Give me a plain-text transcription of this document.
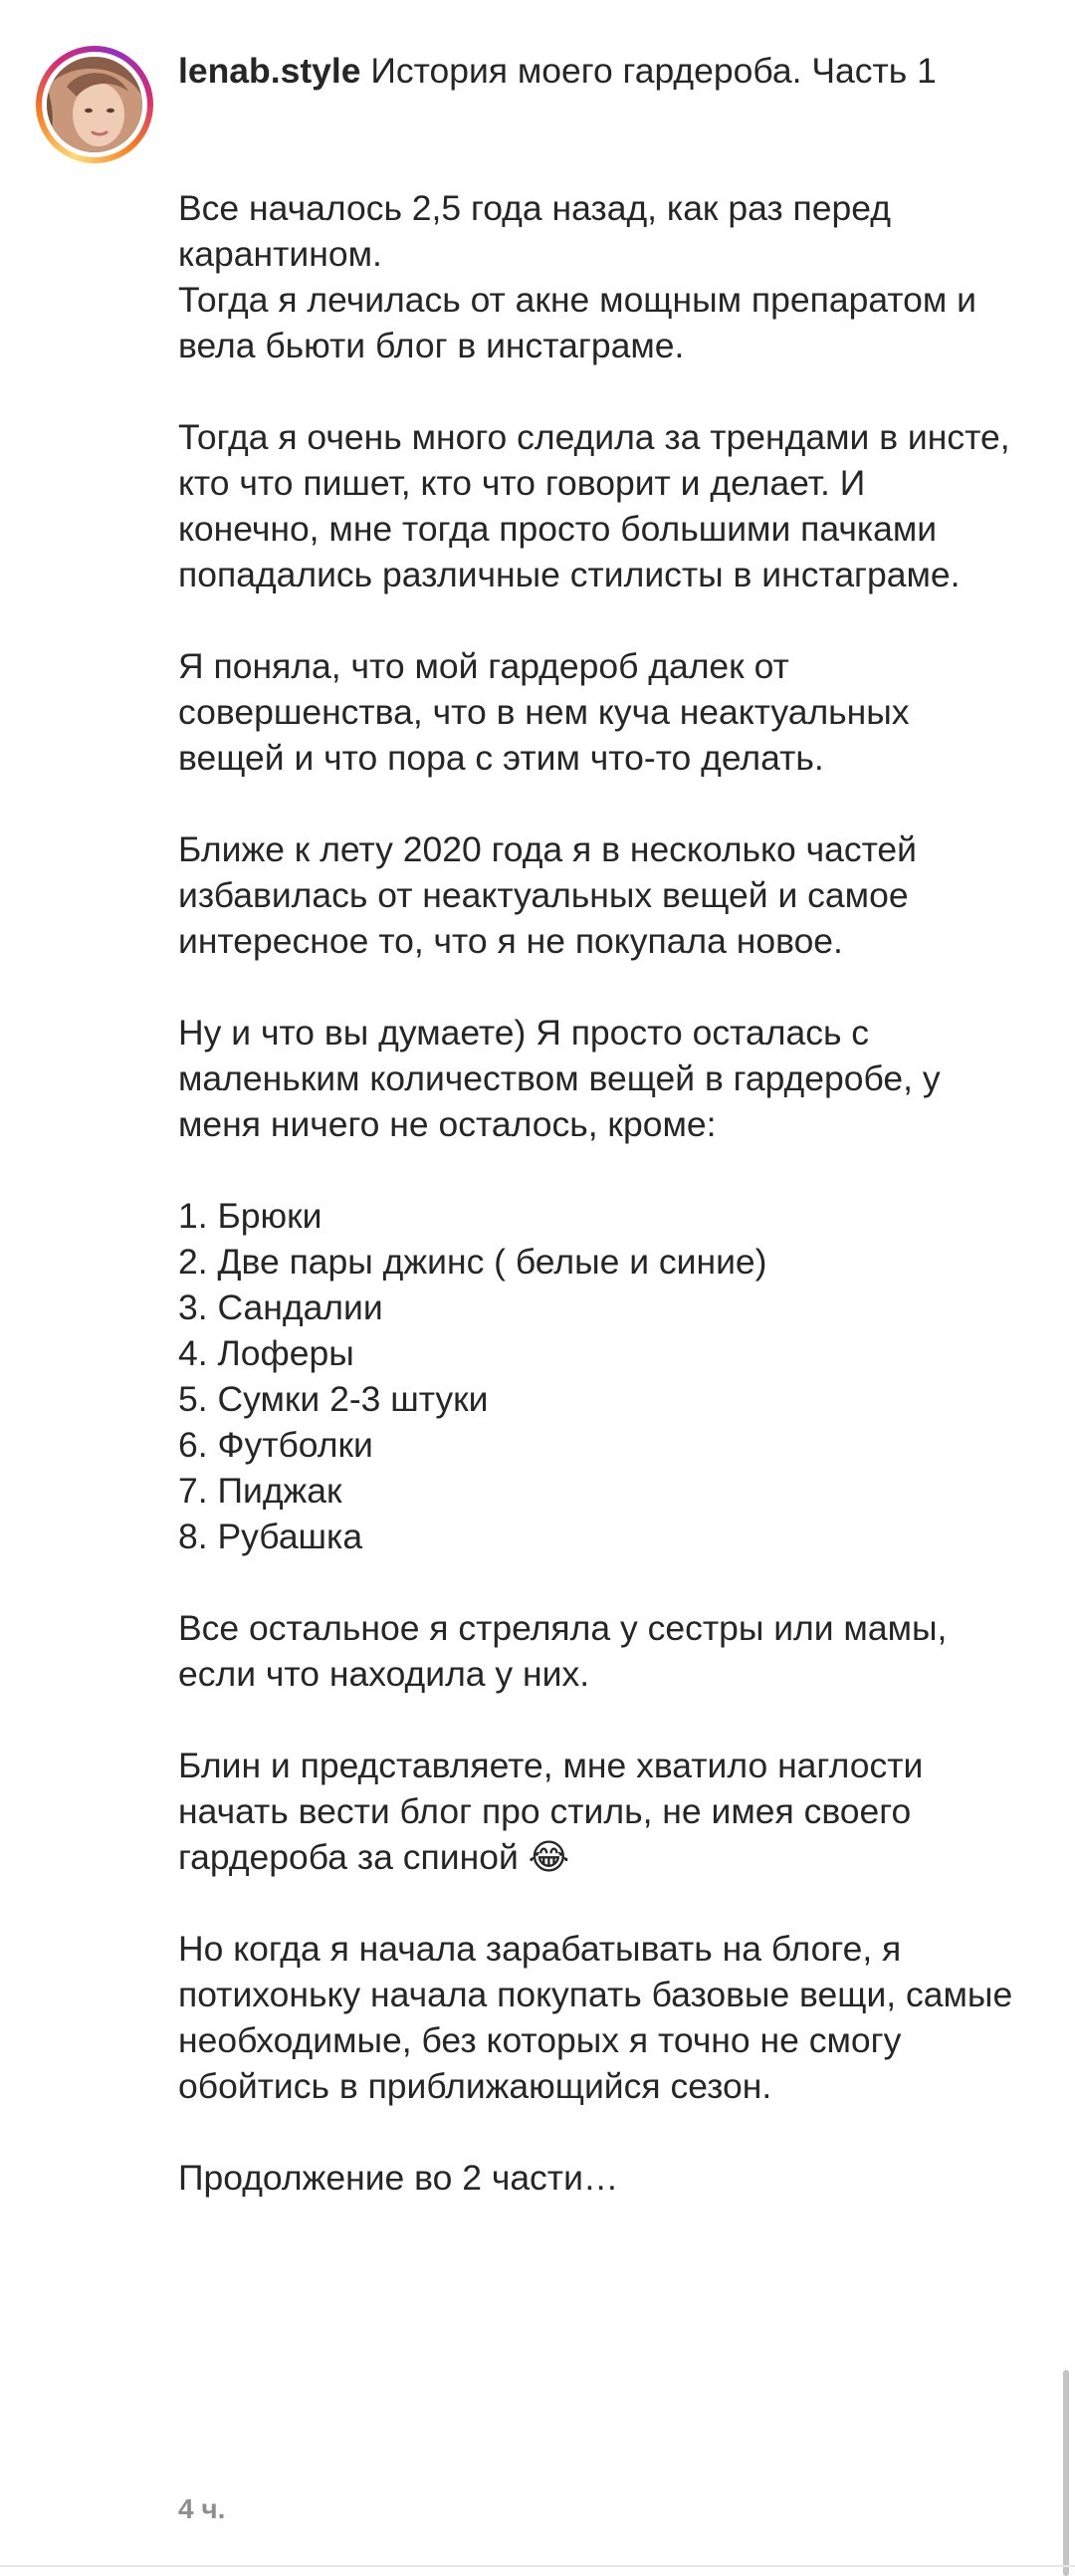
lenab.style История моего гардероба. Часть 1
Все началось 2,5 года назад, как раз перед карантином.
Тогда я лечилась от акне мощным препаратом и вела бьюти блог в инстаграме.
Тогда я очень много следила за трендами в инсте, кто что пишет, кто что говорит и делает. И конечно, мне тогда просто большими пачками попадались различные стилисты в инстаграме.
Я поняла, что мой гардероб далек от совершенства, что в нем куча неактуальных вещей и что пора с этим что-то делать.
Ближе к лету 2020 года я в несколько частей избавилась от неактуальных вещей и самое интересное то, что я не покупала новое.
Ну и что вы думаете) Я просто осталась с маленьким количеством вещей в гардеробе, у меня ничего не осталось, кроме:
1. Брюки
2. Две пары джинс ( белые и синие)
3. Сандалии
4. Лоферы
5. Сумки 2-3 штуки
6. Футболки
7. Пиджак
8. Рубашка
Все остальное я стреляла у сестры или мамы, если что находила у них.
Блин и представляете, мне хватило наглости начать вести блог про стиль, не имея своего гардероба за спиной 😂
Но когда я начала зарабатывать на блоге, я потихоньку начала покупать базовые вещи, самые необходимые, без которых я точно не смогу обойтись в приближающийся сезон.
Продолжение во 2 части…
4 ч.
